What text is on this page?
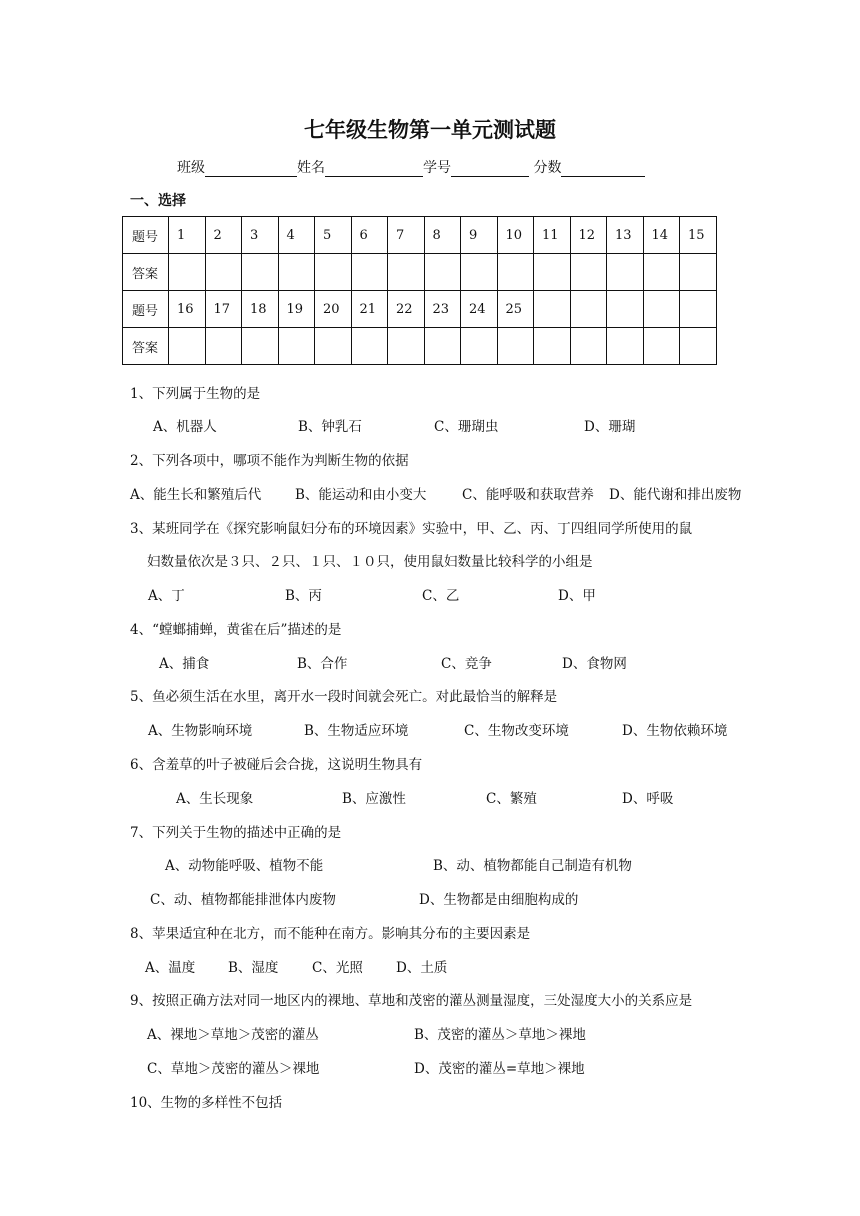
七年级生物第一单元测试题
班级	姓名	学号	分数
一、选择
题号	1	2	3	4	5	6	7	8	9	10	11	12	13	14	15
答案															
题号	16	17	18	19	20	21	22	23	24	25					
答案															
1、下列属于生物的是
A、机器人	B、钟乳石	C、珊瑚虫	D、珊瑚
2、下列各项中，哪项不能作为判断生物的依据
A、能生长和繁殖后代	B、能运动和由小变大	C、能呼吸和获取营养 D、能代谢和排出废物
3、某班同学在《探究影响鼠妇分布的环境因素》实验中，甲、乙、丙、丁四组同学所使用的鼠
妇数量依次是３只、２只、１只、１０只，使用鼠妇数量比较科学的小组是
A、丁	B、丙	C、乙	D、甲
4、“螳螂捕蝉，黄雀在后”描述的是
A、捕食	B、合作	C、竞争	D、食物网
5、鱼必须生活在水里，离开水一段时间就会死亡。对此最恰当的解释是
A、生物影响环境	B、生物适应环境	C、生物改变环境	D、生物依赖环境
6、含羞草的叶子被碰后会合拢，这说明生物具有
A、生长现象	B、应激性	C、繁殖	D、呼吸
7、下列关于生物的描述中正确的是
A、动物能呼吸、植物不能	B、动、植物都能自己制造有机物
C、动、植物都能排泄体内废物	D、生物都是由细胞构成的
8、苹果适宜种在北方，而不能种在南方。影响其分布的主要因素是
A、温度 B、湿度 C、光照 D、土质
9、按照正确方法对同一地区内的裸地、草地和茂密的灌丛测量湿度，三处湿度大小的关系应是
A、裸地＞草地＞茂密的灌丛	B、茂密的灌丛＞草地＞裸地
C、草地＞茂密的灌丛＞裸地	D、茂密的灌丛=草地＞裸地
10、生物的多样性不包括
